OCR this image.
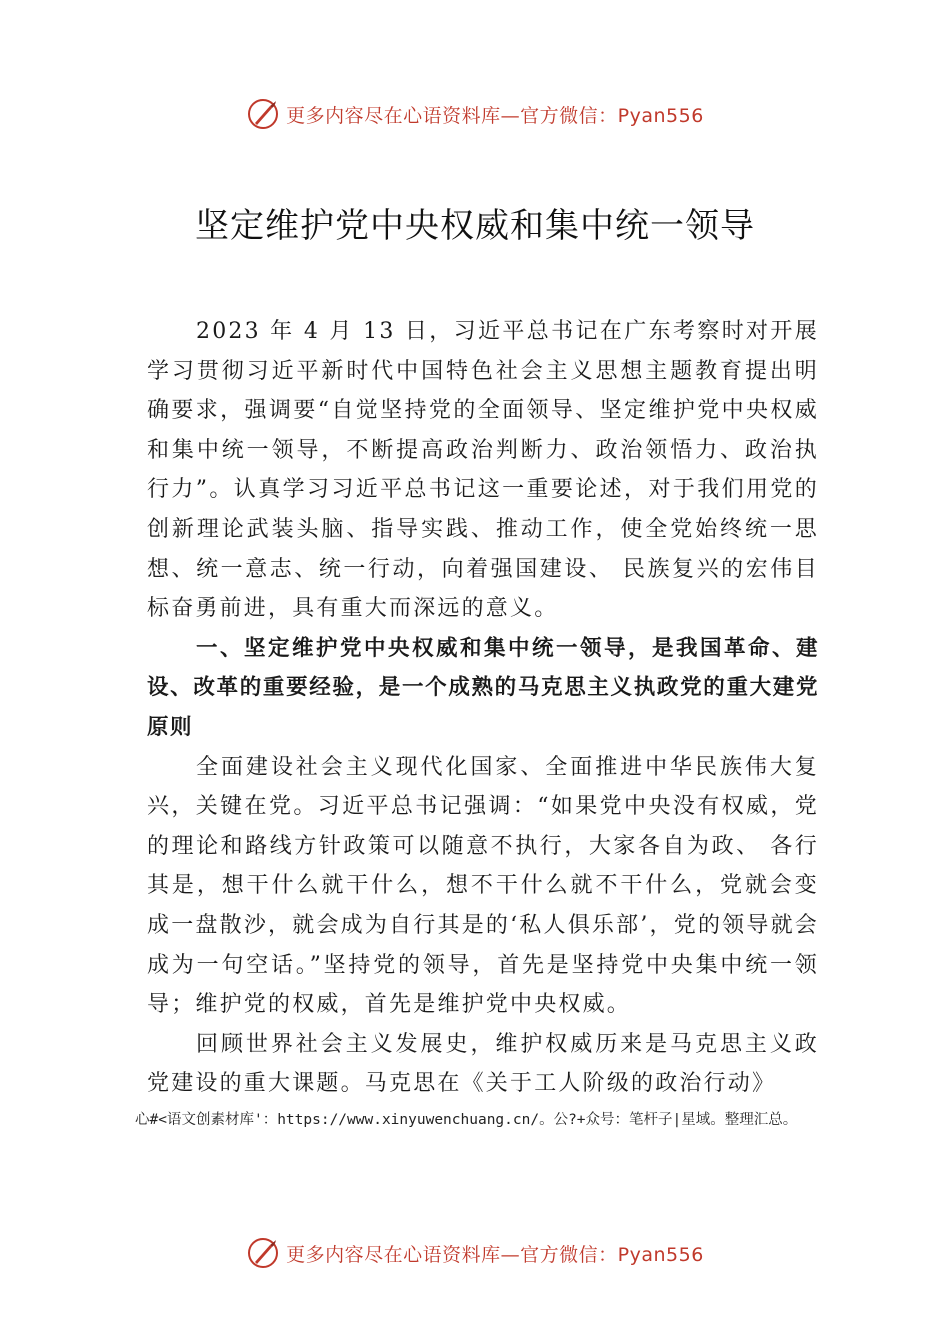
更多内容尽在心语资料库—官方微信：Pyan556
坚定维护党中央权威和集中统一领导

2023 年 4 月 13 日，习近平总书记在广东考察时对开展学习贯彻习近平新时代中国特色社会主义思想主题教育提出明确要求，强调要“自觉坚持党的全面领导、坚定维护党中央权威和集中统一领导，不断提高政治判断力、政治领悟力、政治执行力”。认真学习习近平总书记这一重要论述，对于我们用党的创新理论武装头脑、指导实践、推动工作，使全党始终统一思想、统一意志、统一行动，向着强国建设、 民族复兴的宏伟目标奋勇前进，具有重大而深远的意义。

一、坚定维护党中央权威和集中统一领导，是我国革命、建设、改革的重要经验，是一个成熟的马克思主义执政党的重大建党原则

全面建设社会主义现代化国家、全面推进中华民族伟大复兴，关键在党。习近平总书记强调：“如果党中央没有权威，党的理论和路线方针政策可以随意不执行，大家各自为政、 各行其是，想干什么就干什么，想不干什么就不干什么，党就会变成一盘散沙，就会成为自行其是的‘私人俱乐部’，党的领导就会成为一句空话。”坚持党的领导，首先是坚持党中央集中统一领导；维护党的权威，首先是维护党中央权威。

回顾世界社会主义发展史，维护权威历来是马克思主义政党建设的重大课题。马克思在《关于工人阶级的政治行动》

心#<语文创素材库'：https://www.xinyuwenchuang.cn/。公?+众号：笔杆子|星域。整理汇总。
更多内容尽在心语资料库—官方微信：Pyan556
